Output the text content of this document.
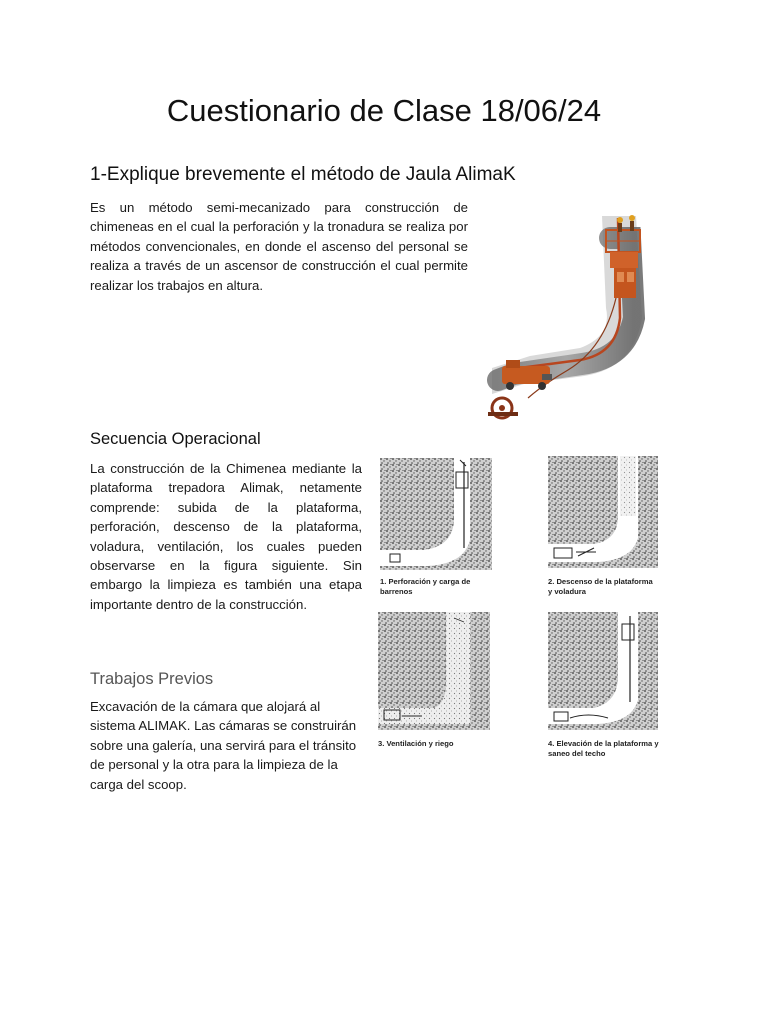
Cuestionario de Clase 18/06/24
1-Explique brevemente el método de Jaula AlimaK

Es un método semi-mecanizado para construcción de chimeneas en el cual la perforación y la tronadura se realiza por métodos convencionales, en donde el ascenso del personal se realiza a través de un ascensor de construcción el cual permite realizar los trabajos en altura.

Secuencia Operacional

La construcción de la Chimenea mediante la plataforma trepadora Alimak, netamente comprende: subida de la plataforma, perforación, descenso de la plataforma, voladura, ventilación, los cuales pueden observarse en la figura siguiente. Sin embargo la limpieza es también una etapa importante dentro de la construcción.

1. Perforación y carga de
barrenos
2. Descenso de la plataforma
y voladura
3. Ventilación y riego	4. Elevación de la plataforma y
saneo del techo
Trabajos Previos

Excavación de la cámara que alojará al sistema ALIMAK. Las cámaras se construirán sobre una galería, una servirá para el tránsito de personal y la otra para la limpieza de la carga del scoop.
